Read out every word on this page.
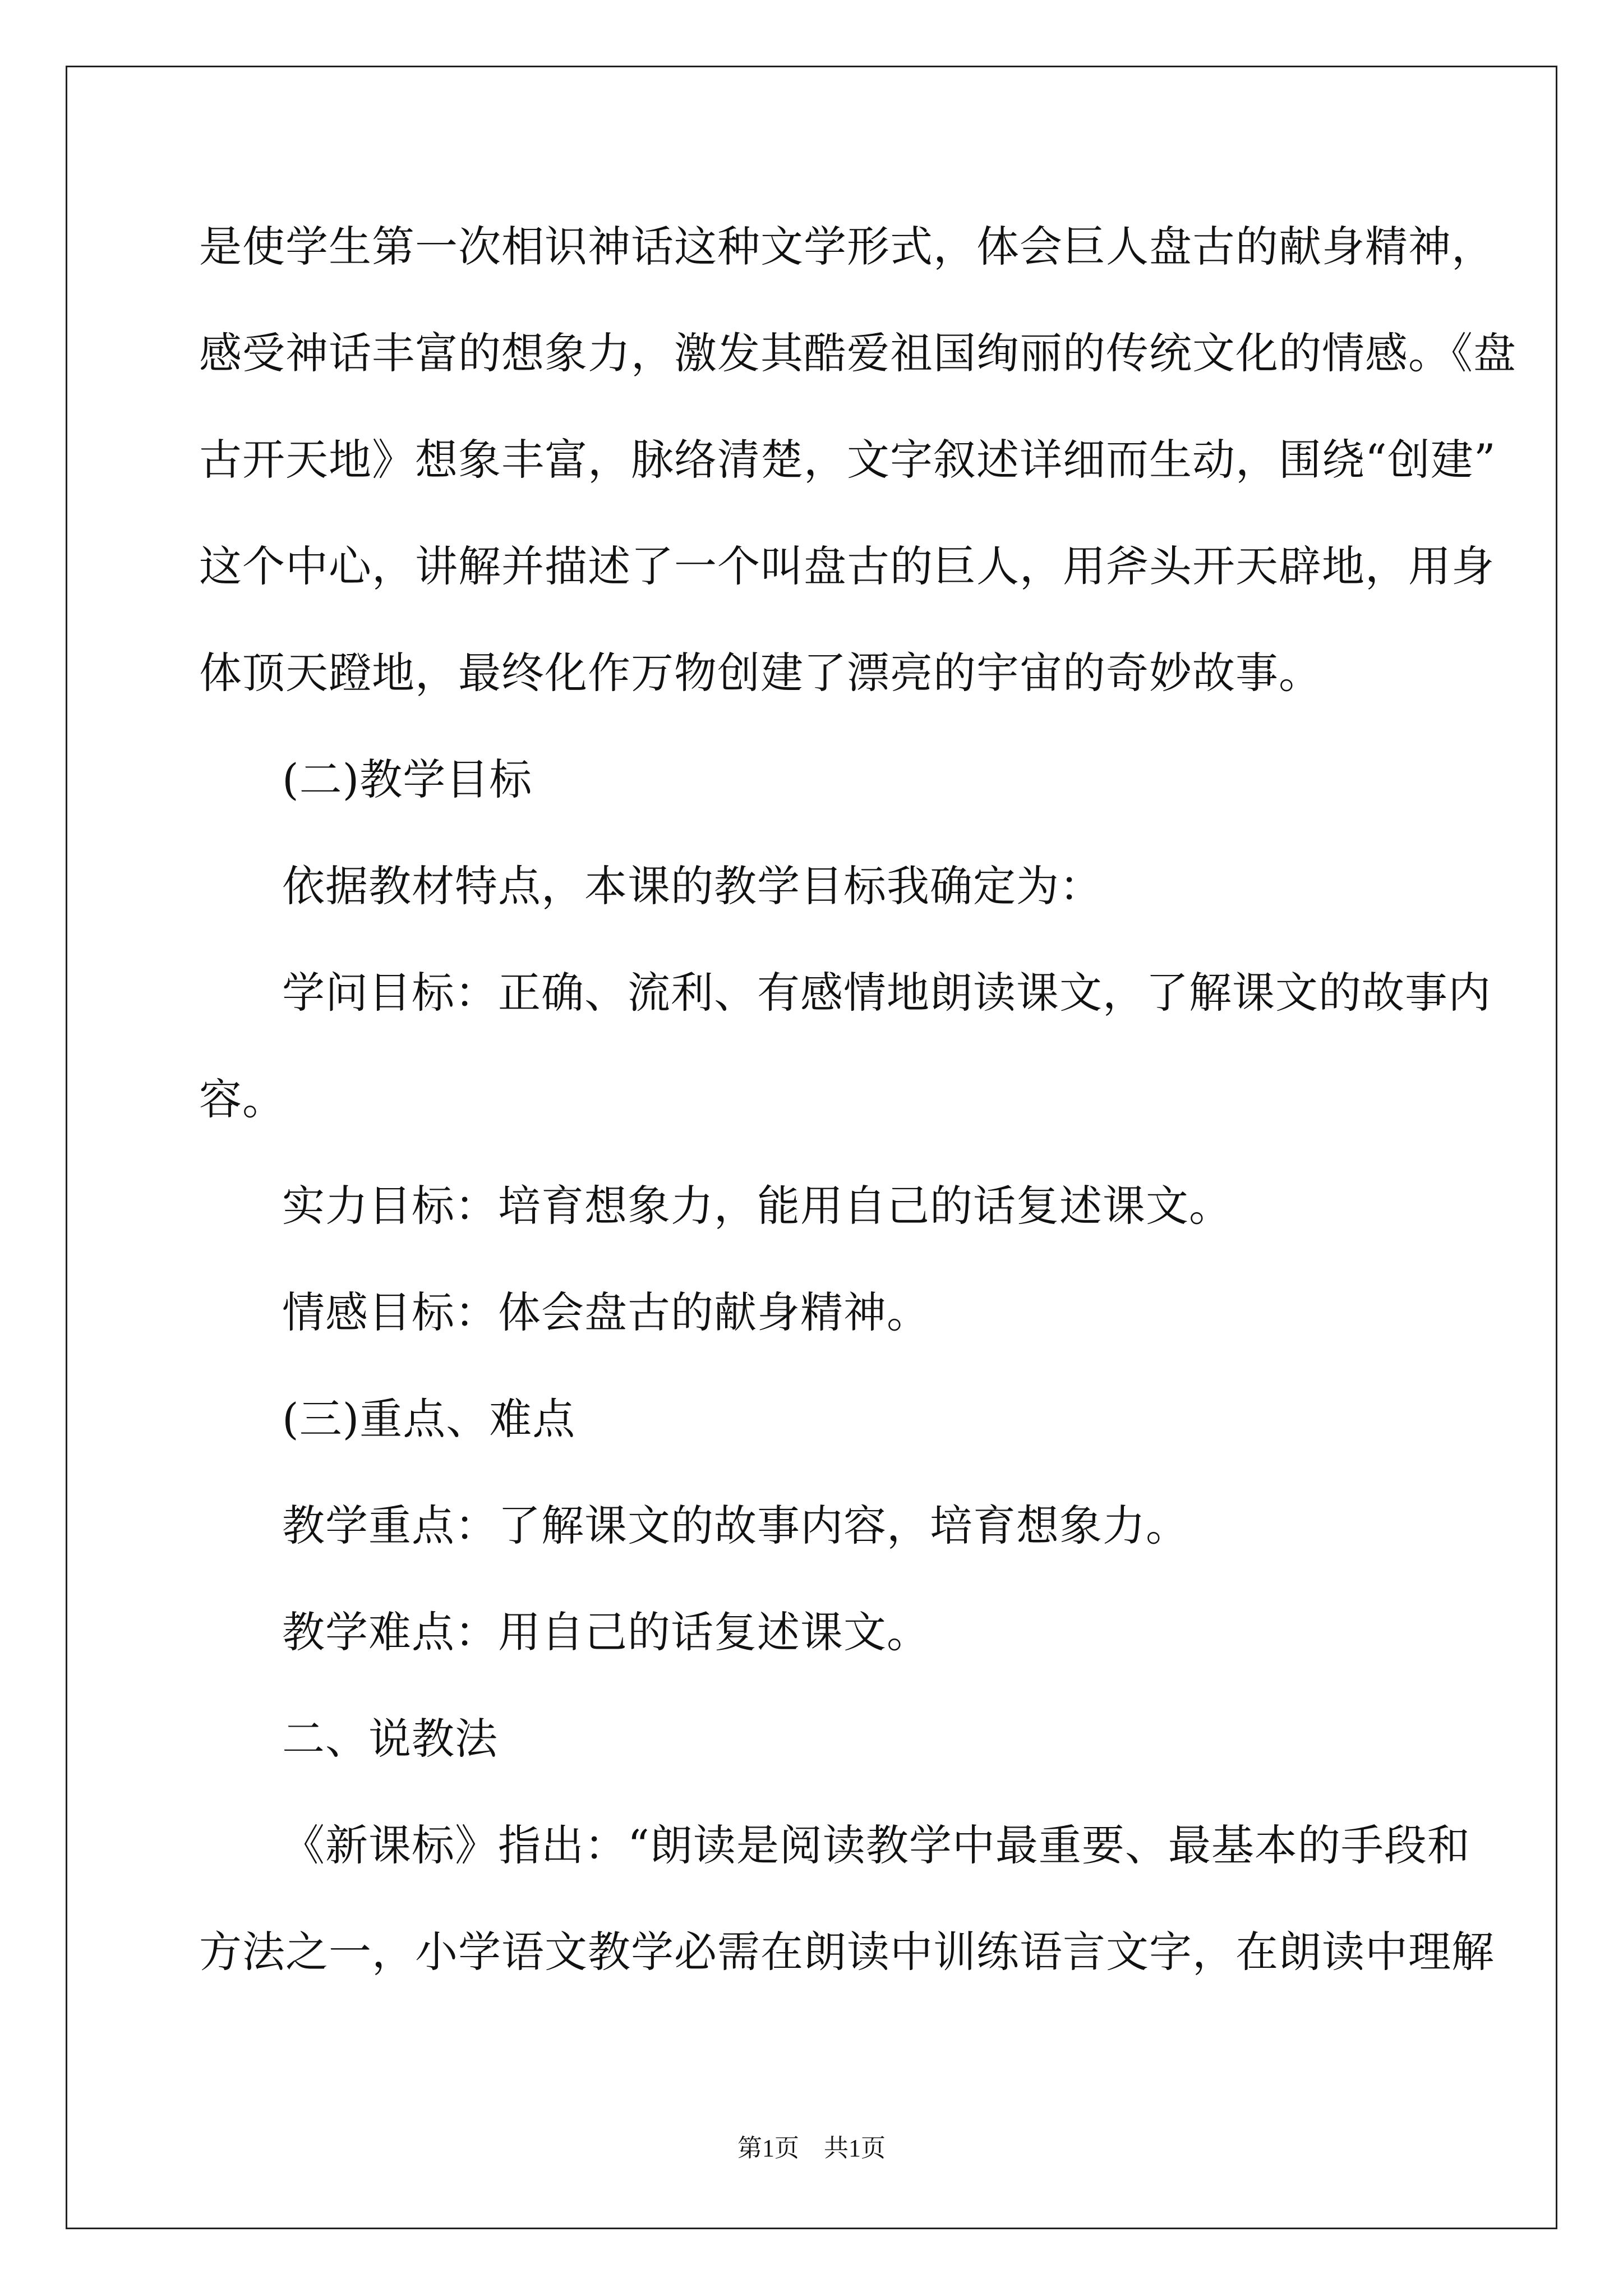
是使学生第一次相识神话这种文学形式，体会巨人盘古的献身精神，
感受神话丰富的想象力，激发其酷爱祖国绚丽的传统文化的情感。《盘
古开天地》想象丰富，脉络清楚，文字叙述详细而生动，围绕“创建”
这个中心，讲解并描述了一个叫盘古的巨人，用斧头开天辟地，用身
体顶天蹬地，最终化作万物创建了漂亮的宇宙的奇妙故事。
(二)教学目标
依据教材特点，本课的教学目标我确定为：
学问目标：正确、流利、有感情地朗读课文，了解课文的故事内
容。
实力目标：培育想象力，能用自己的话复述课文。
情感目标：体会盘古的献身精神。
(三)重点、难点
教学重点：了解课文的故事内容，培育想象力。
教学难点：用自己的话复述课文。
二、说教法
《新课标》指出：“朗读是阅读教学中最重要、最基本的手段和
方法之一，小学语文教学必需在朗读中训练语言文字，在朗读中理解
第1页　共1页
